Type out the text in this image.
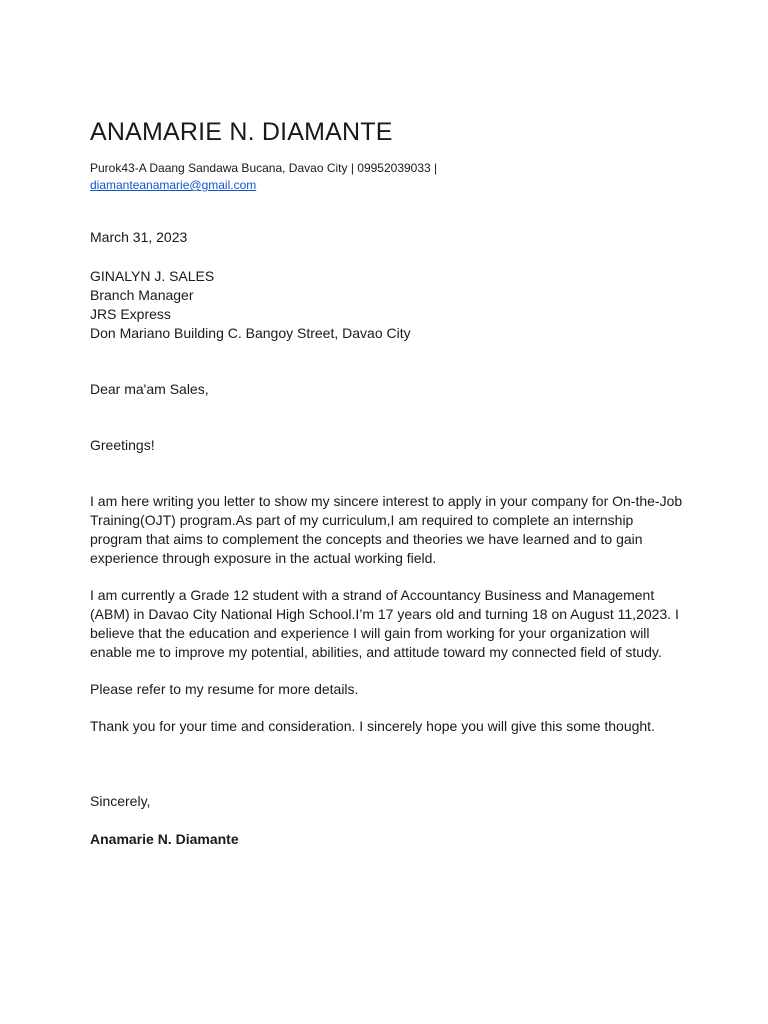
ANAMARIE N. DIAMANTE
Purok43-A Daang Sandawa Bucana, Davao City | 09952039033 |
diamanteanamarie@gmail.com
March 31, 2023
GINALYN J. SALES
Branch Manager
JRS Express
Don Mariano Building C. Bangoy Street, Davao City
Dear ma'am Sales,
Greetings!
I am here writing you letter to show my sincere interest to apply in your company for On-the-Job
Training(OJT) program.As part of my curriculum,I am required to complete an internship
program that aims to complement the concepts and theories we have learned and to gain
experience through exposure in the actual working field.
I am currently a Grade 12 student with a strand of Accountancy Business and Management
(ABM) in Davao City National High School.I’m 17 years old and turning 18 on August 11,2023. I
believe that the education and experience I will gain from working for your organization will
enable me to improve my potential, abilities, and attitude toward my connected field of study.
Please refer to my resume for more details.
Thank you for your time and consideration. I sincerely hope you will give this some thought.
Sincerely,
Anamarie N. Diamante
